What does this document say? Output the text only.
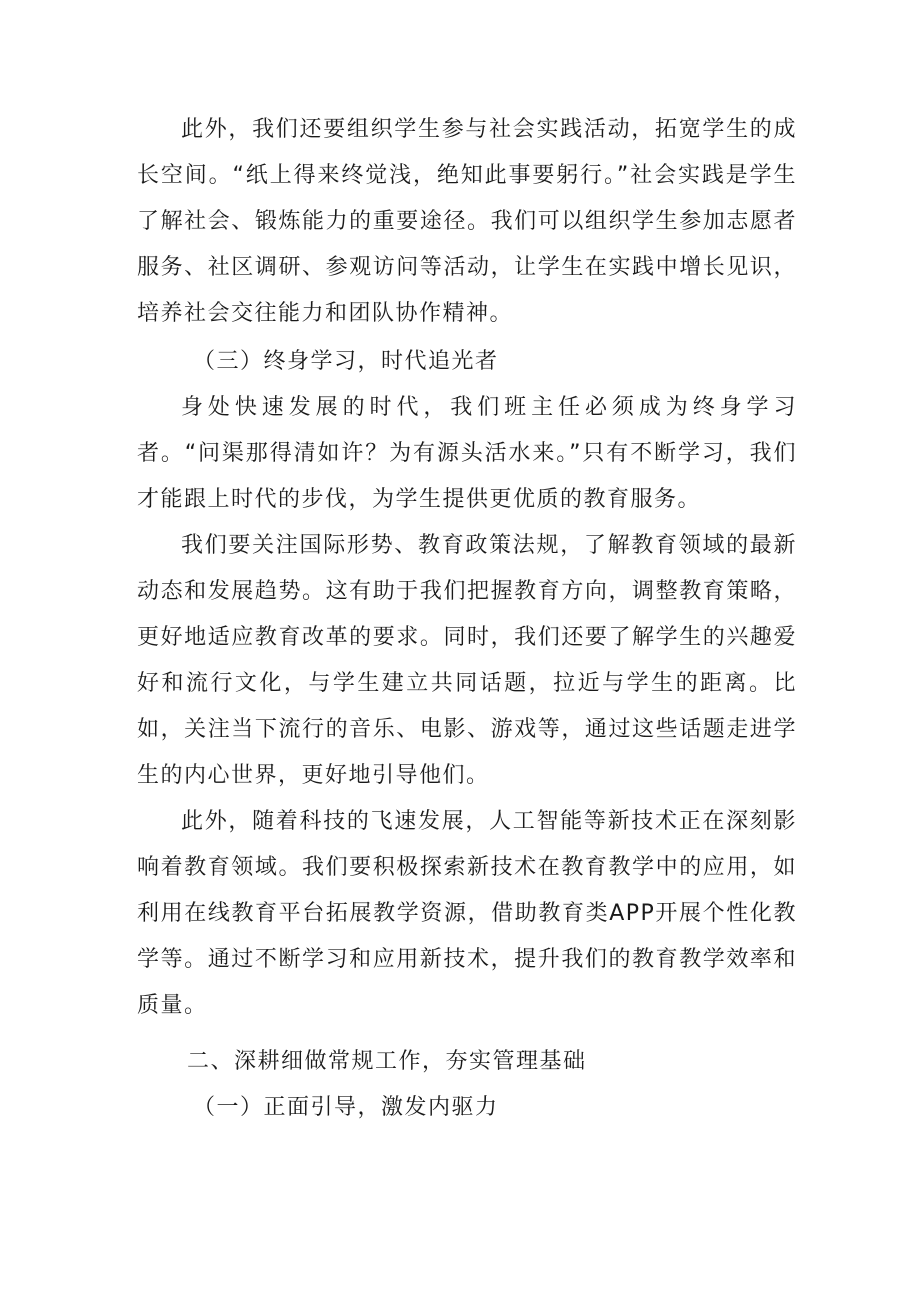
此外，我们还要组织学生参与社会实践活动，拓宽学生的成长空间。“纸上得来终觉浅，绝知此事要躬行。”社会实践是学生了解社会、锻炼能力的重要途径。我们可以组织学生参加志愿者服务、社区调研、参观访问等活动，让学生在实践中增长见识，培养社会交往能力和团队协作精神。

（三）终身学习，时代追光者

身处快速发展的时代，我们班主任必须成为终身学习者。“问渠那得清如许？为有源头活水来。”只有不断学习，我们才能跟上时代的步伐，为学生提供更优质的教育服务。

我们要关注国际形势、教育政策法规，了解教育领域的最新动态和发展趋势。这有助于我们把握教育方向，调整教育策略，更好地适应教育改革的要求。同时，我们还要了解学生的兴趣爱好和流行文化，与学生建立共同话题，拉近与学生的距离。比如，关注当下流行的音乐、电影、游戏等，通过这些话题走进学生的内心世界，更好地引导他们。

此外，随着科技的飞速发展，人工智能等新技术正在深刻影响着教育领域。我们要积极探索新技术在教育教学中的应用，如利用在线教育平台拓展教学资源，借助教育类APP开展个性化教学等。通过不断学习和应用新技术，提升我们的教育教学效率和质量。

二、深耕细做常规工作，夯实管理基础

（一）正面引导，激发内驱力
